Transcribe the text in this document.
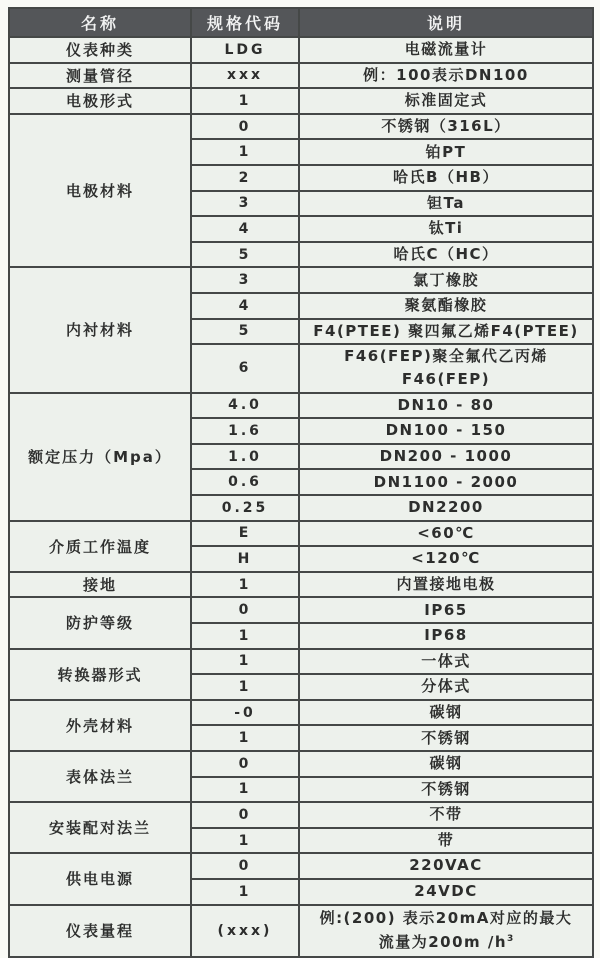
名称	规格代码	说明
仪表种类	LDG	电磁流量计
测量管径	xxx	例：100表示DN100
电极形式	1	标准固定式
电极材料	0	不锈钢（316L）
	1	铂PT
	2	哈氏B（HB）
	3	钽Ta
	4	钛Ti
	5	哈氏C（HC）
内衬材料	3	氯丁橡胶
	4	聚氨酯橡胶
	5	F4(PTEE) 聚四氟乙烯F4(PTEE)
	6	F46(FEP)聚全氟代乙丙烯F46(FEP)
额定压力（Mpa）	4.0	DN10 - 80
	1.6	DN100 - 150
	1.0	DN200 - 1000
	0.6	DN1100 - 2000
	0.25	DN2200
介质工作温度	E	<60℃
	H	<120℃
接地	1	内置接地电极
防护等级	0	IP65
	1	IP68
转换器形式	1	一体式
	1	分体式
外壳材料	-0	碳钢
	1	不锈钢
表体法兰	0	碳钢
	1	不锈钢
安装配对法兰	0	不带
	1	带
供电电源	0	220VAC
	1	24VDC
仪表量程	(xxx)	例:(200) 表示20mA对应的最大
流量为200m $/h^3$
